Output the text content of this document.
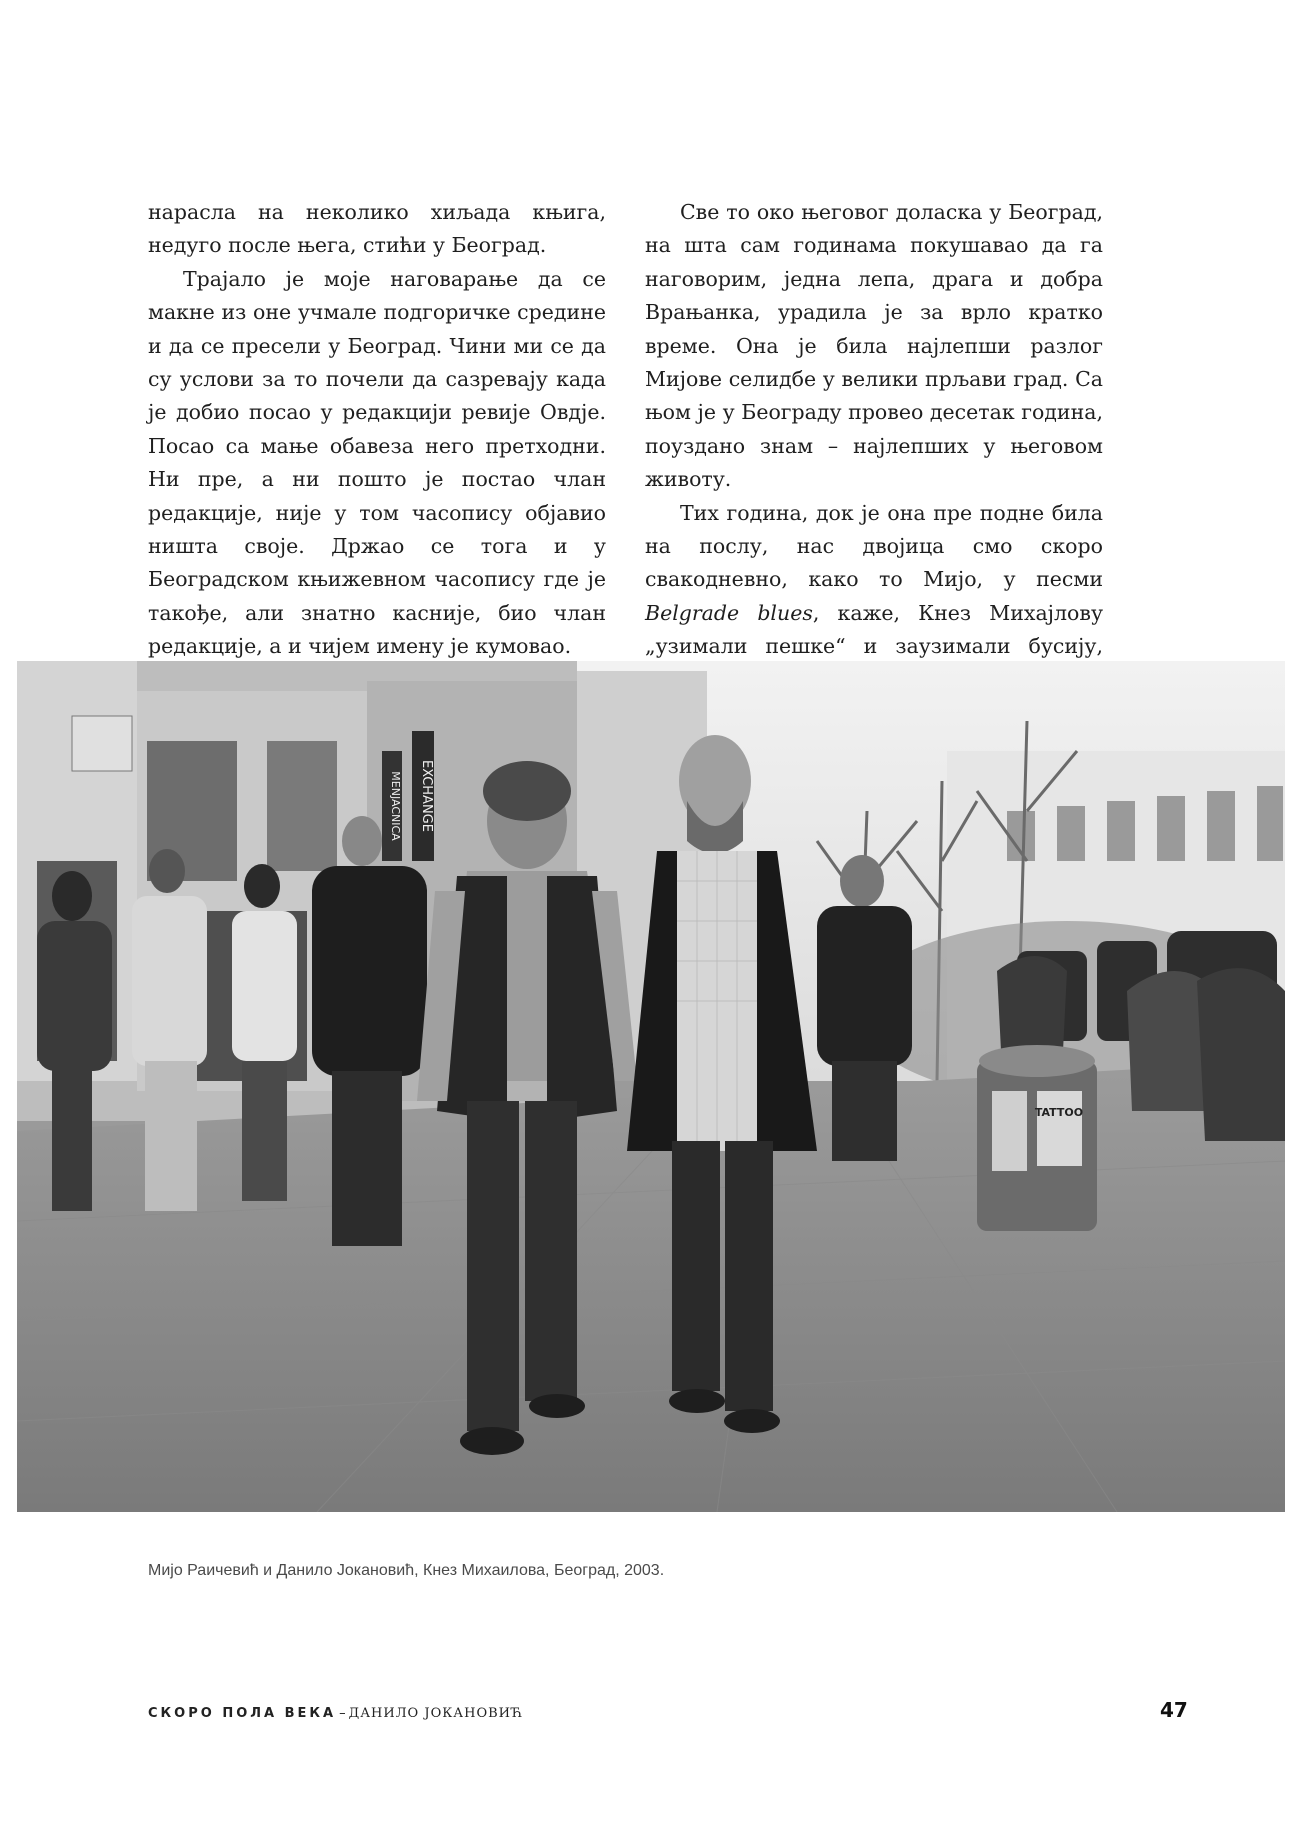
нарасла на неколико хиљада књига, недуго после њега, стићи у Београд.

Трајало је моје наговарање да се макне из оне учмале подгоричке средине и да се пресели у Београд. Чини ми се да су услови за то почели да сазревају када је добио посао у редакцији ревије Овдје. Посао са мање обавеза него претходни. Ни пре, а ни пошто је постао члан редакције, није у том часопису објавио ништа своје. Држао се тога и у Београдском књижевном часопису где је такође, али знатно касније, био члан редакције, а и чијем имену је кумовао.

Све то око његовог доласка у Београд, на шта сам годинама покушавао да га наговорим, једна лепа, драга и добра Врањанка, урадила је за врло кратко време. Она је била најлепши разлог Мијове селидбе у велики прљави град. Са њом је у Београду провео десетак година, поуздано знам – најлепших у његовом животу.

Тих година, док је она пре подне била на послу, нас двојица смо скоро свакодневно, како то Мијо, у песми Belgrade blues, каже, Кнез Михајлову „узимали пешке“ и заузимали бусију,

EXCHANGE
MENJACNICA
TATTOO
Мијо Раичевић и Данило Јокановић, Кнез Михаилова, Београд, 2003.
СКОРО ПОЛА ВЕКА – ДАНИЛО ЈОКАНОВИЋ	47
